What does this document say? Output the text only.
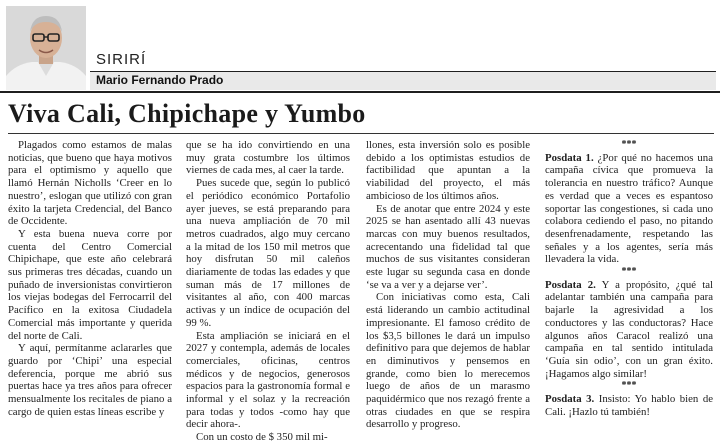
SIRIRÍ
Mario Fernando Prado
Viva Cali, Chipichape y Yumbo

Plagados como estamos de malas noticias, que bueno que haya motivos para el optimismo y aquello que llamó Hernán Nicholls ‘Creer en lo nuestro’, eslogan que utilizó con gran éxito la tarjeta Credencial, del Banco de Occidente.

Y esta buena nueva corre por cuenta del Centro Comercial Chipichape, que este año celebrará sus primeras tres décadas, cuando un puñado de inversionistas convirtieron los viejas bodegas del Ferrocarril del Pacífico en la exitosa Ciudadela Comercial más importante y querida del norte de Cali.

Y aquí, permítanme aclararles que guardo por ‘Chipi’ una especial deferencia, porque me abrió sus puertas hace ya tres años para ofrecer mensualmente los recitales de piano a cargo de quien estas líneas escribe y

que se ha ido convirtiendo en una muy grata costumbre los últimos viernes de cada mes, al caer la tarde.

Pues sucede que, según lo publicó el periódico económico Portafolio ayer jueves, se está preparando para una nueva ampliación de 70 mil metros cuadrados, algo muy cercano a la mitad de los 150 mil metros que hoy disfrutan 50 mil caleños diariamente de todas las edades y que suman más de 17 millones de visitantes al año, con 400 marcas activas y un índice de ocupación del 99 %.

Esta ampliación se iniciará en el 2027 y contempla, además de locales comerciales, oficinas, centros médicos y de negocios, generosos espacios para la gastronomía formal e informal y el solaz y la recreación para todas y todos -como hay que decir ahora-.

Con un costo de $ 350 mil mi-

llones, esta inversión solo es posible debido a los optimistas estudios de factibilidad que apuntan a la viabilidad del proyecto, el más ambicioso de los últimos años.

Es de anotar que entre 2024 y este 2025 se han asentado allí 43 nuevas marcas con muy buenos resultados, acrecentando una fidelidad tal que muchos de sus visitantes consideran este lugar su segunda casa en donde ‘se va a ver y a dejarse ver’.

Con iniciativas como esta, Cali está liderando un cambio actitudinal impresionante. El famoso crédito de los $3,5 billones le dará un impulso definitivo para que dejemos de hablar en diminutivos y pensemos en grande, como bien lo merecemos luego de años de un marasmo paquidérmico que nos rezagó frente a otras ciudades en que se respira desarrollo y progreso.

***

Posdata 1. ¿Por qué no hacemos una campaña cívica que promueva la tolerancia en nuestro tráfico? Aunque es verdad que a veces es espantoso soportar las congestiones, si cada uno colabora cediendo el paso, no pitando desenfrenadamente, respetando las señales y a los agentes, sería más llevadera la vida.

***

Posdata 2. Y a propósito, ¿qué tal adelantar también una campaña para bajarle la agresividad a los conductores y las conductoras? Hace algunos años Caracol realizó una campaña en tal sentido intitulada ‘Guía sin odio’, con un gran éxito. ¡Hagamos algo similar!

***

Posdata 3. Insisto: Yo hablo bien de Cali. ¡Hazlo tú también!
